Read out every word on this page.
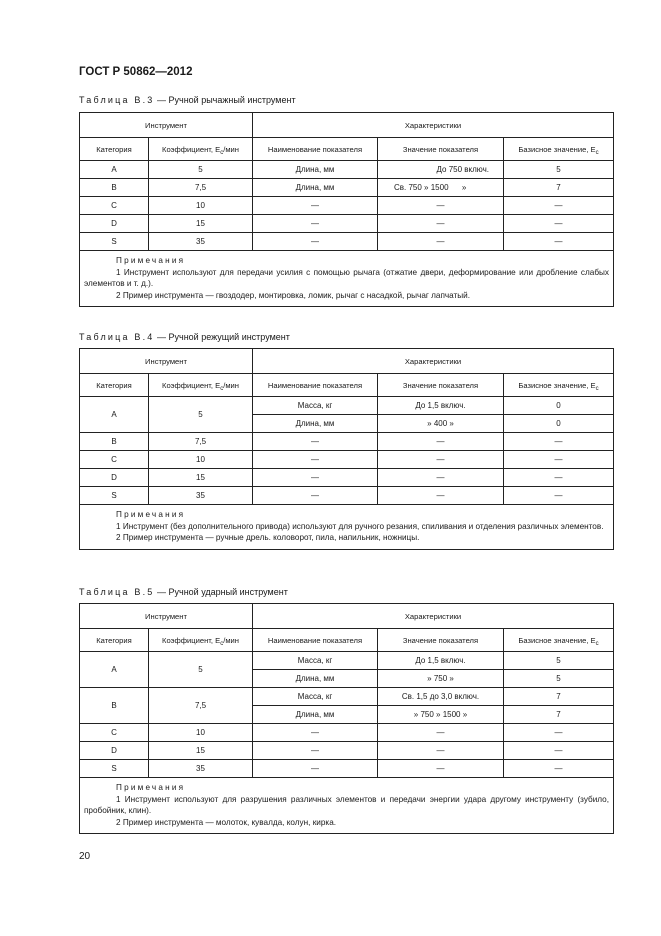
ГОСТ Р 50862—2012
Таблица В.3 — Ручной рычажный инструмент
Инструмент		Характеристики		
Категория	Коэффициент, $E_c$/мин	Наименование показателя	Значение показателя	Базисное значение, $E_c$
А	5	Длина, мм	До 750 включ.	5
В	7,5	Длина, мм	Св. 750 » 1500      »	7
С	10	—	—	—
D	15	—	—	—
S	35	—	—	—

Примечания
1 Инструмент используют для передачи усилия с помощью рычага (отжатие двери, деформирование или дробление слабых элементов и т. д.).
2 Пример инструмента — гвоздодер, монтировка, ломик, рычаг с насадкой, рычаг лапчатый.				
Таблица В.4 — Ручной режущий инструмент
Инструмент		Характеристики		
Категория	Коэффициент, $E_c$/мин	Наименование показателя	Значение показателя	Базисное значение, $E_c$
А	5	Масса, кг	До 1,5 включ.	0
		Длина, мм	» 400 »	0
В	7,5	—	—	—
С	10	—	—	—
D	15	—	—	—
S	35	—	—	—

Примечания
1 Инструмент (без дополнительного привода) используют для ручного резания, спиливания и отделения различных элементов.
2 Пример инструмента — ручные дрель. коловорот, пила, напильник, ножницы.				
Таблица В.5 — Ручной ударный инструмент
Инструмент		Характеристики		
Категория	Коэффициент, $E_c$/мин	Наименование показателя	Значение показателя	Базисное значение, $E_c$
А	5	Масса, кг	До 1,5 включ.	5
		Длина, мм	» 750 »	5
В	7,5	Масса, кг	Св. 1,5 до 3,0 включ.	7
		Длина, мм	» 750 » 1500 »	7
С	10	—	—	—
D	15	—	—	—
S	35	—	—	—

Примечания
1 Инструмент используют для разрушения различных элементов и передачи энергии удара другому инструменту (зубило, пробойник, клин).
2 Пример инструмента — молоток, кувалда, колун, кирка.				
20
